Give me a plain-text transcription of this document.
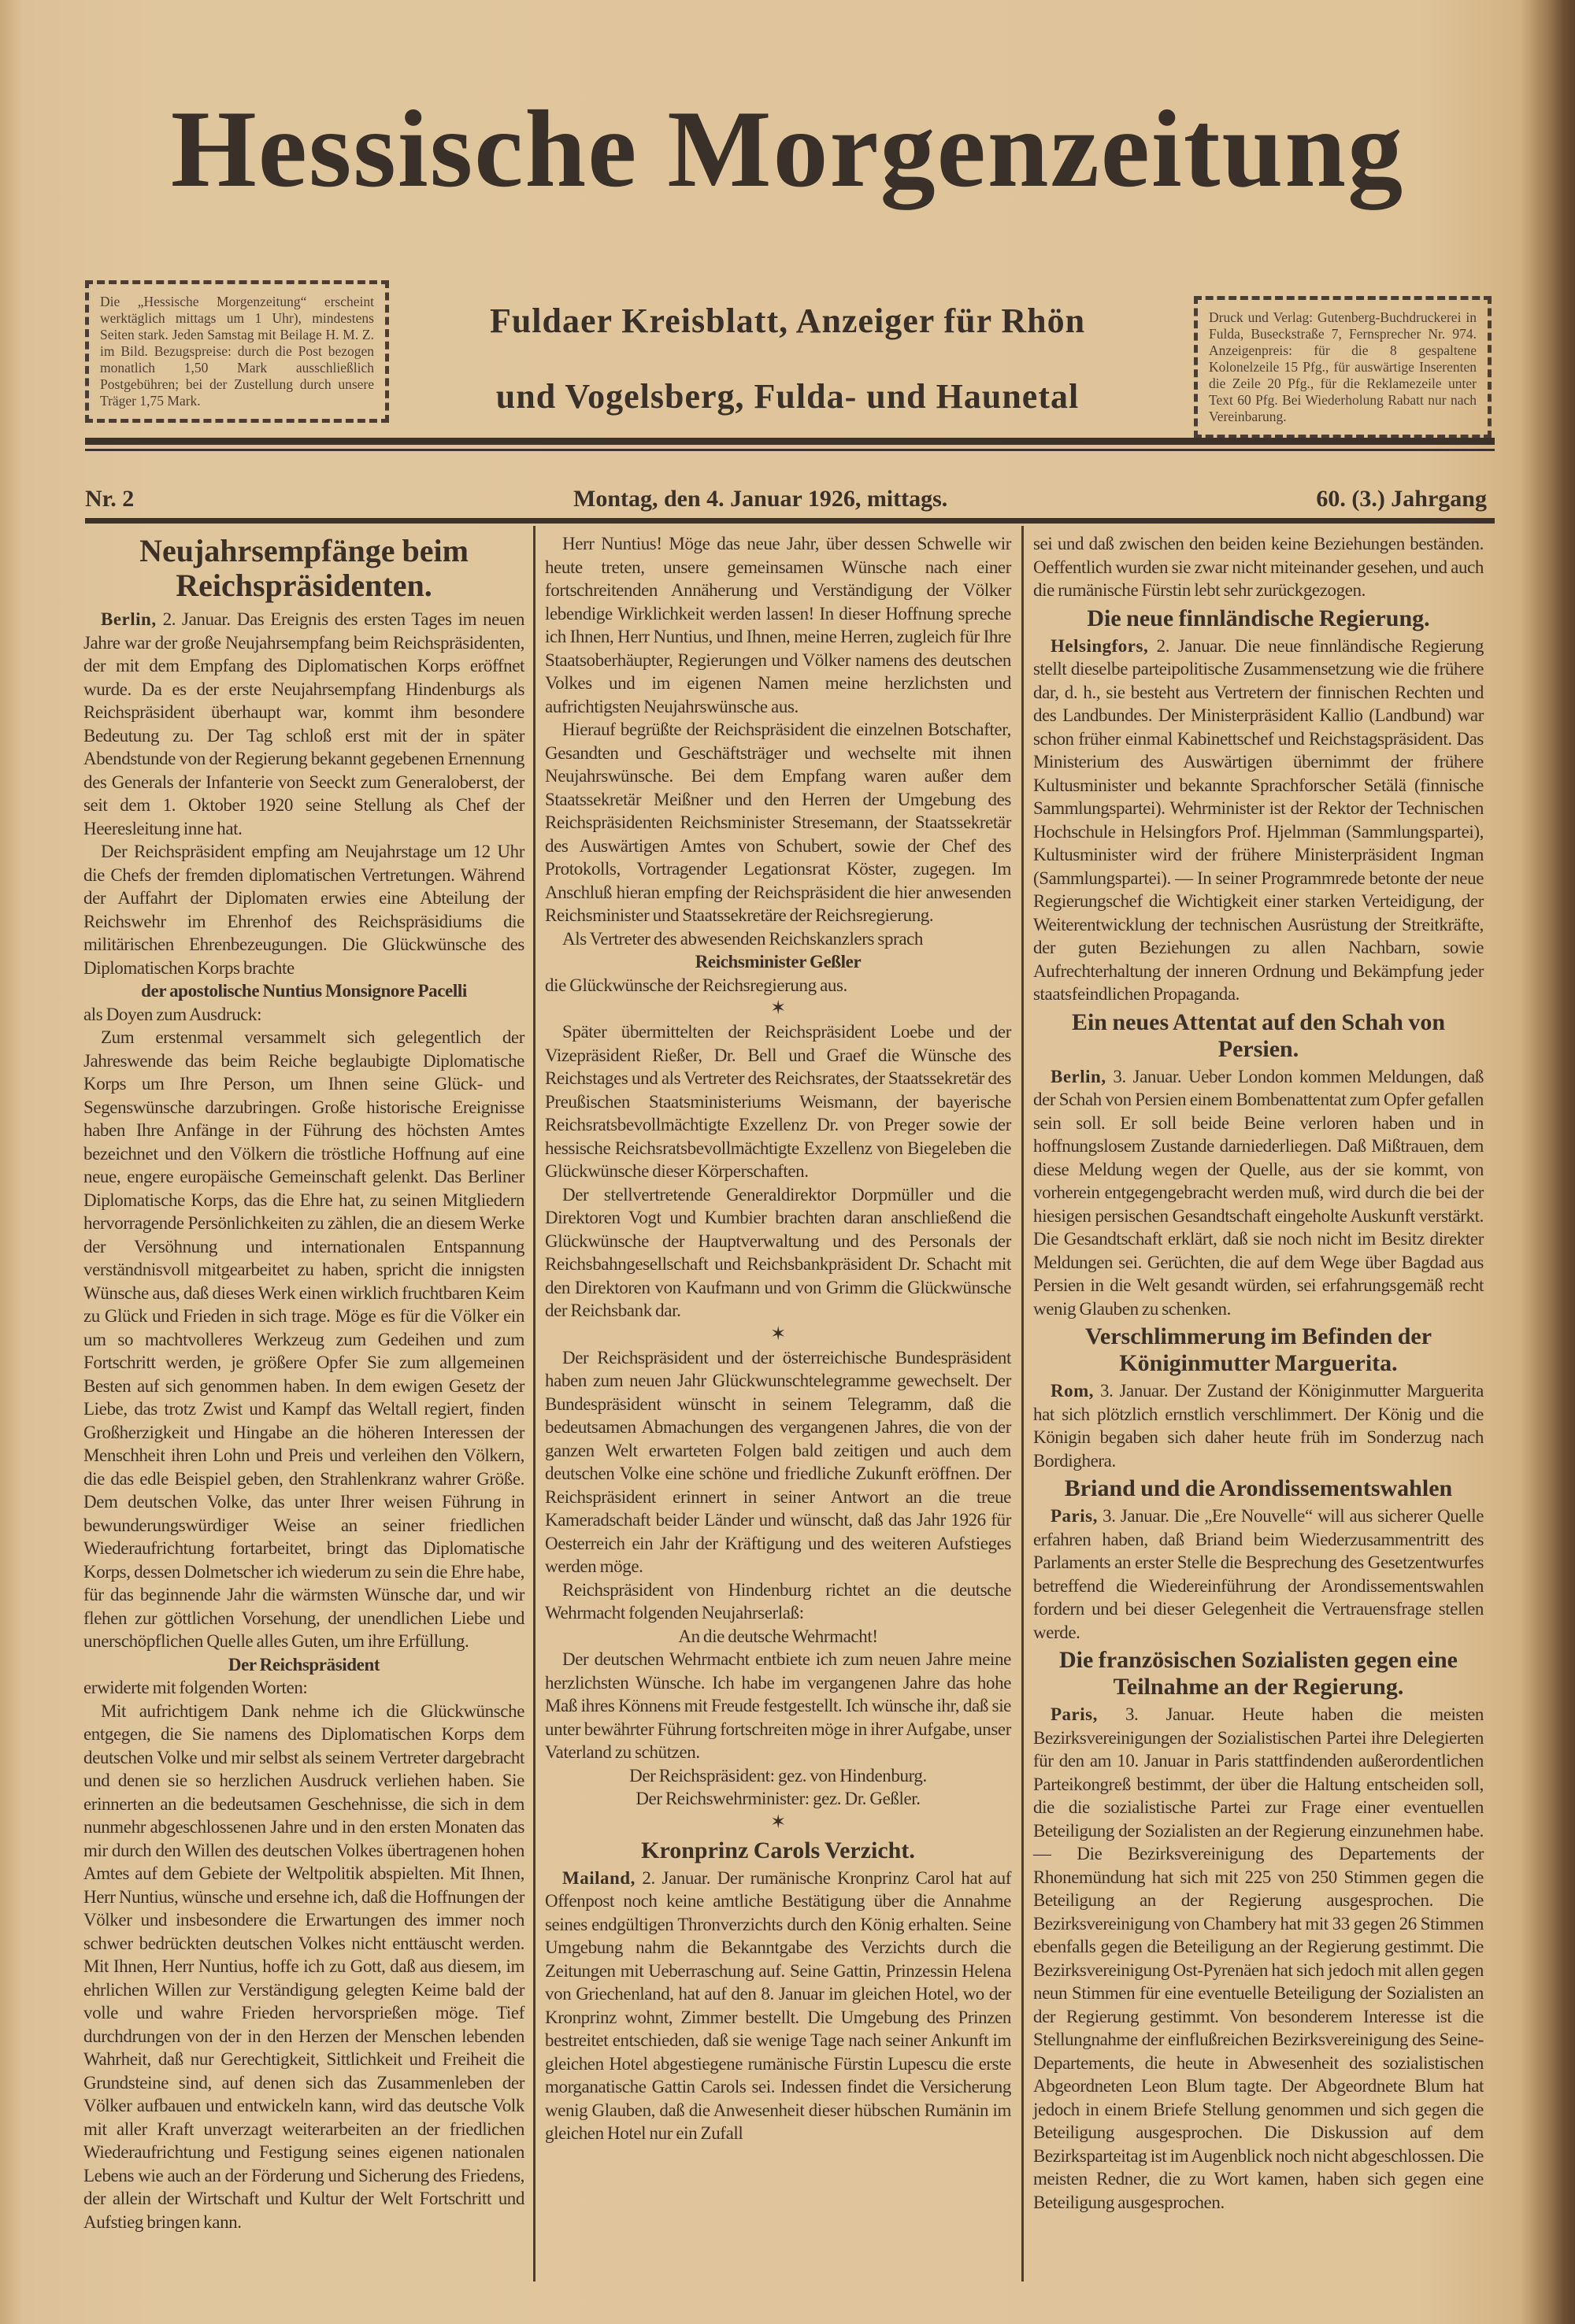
Hessische Morgenzeitung
Die „Hessische Morgenzeitung“ erscheint werktäglich mittags um 1 Uhr), mindestens Seiten stark. Jeden Samstag mit Beilage H. M. Z. im Bild. Bezugspreise: durch die Post bezogen monatlich 1,50 Mark ausschließlich Postgebühren; bei der Zustellung durch unsere Träger 1,75 Mark.
Druck und Verlag: Gutenberg-Buchdruckerei in Fulda, Buseckstraße 7, Fernsprecher Nr. 974. Anzeigenpreis: für die 8 gespaltene Kolonelzeile 15 Pfg., für auswärtige Inserenten die Zeile 20 Pfg., für die Reklamezeile unter Text 60 Pfg. Bei Wiederholung Rabatt nur nach Vereinbarung.
Fuldaer Kreisblatt, Anzeiger für Rhön
und Vogelsberg, Fulda- und Haunetal
Nr. 2	Montag, den 4. Januar 1926, mittags.	60. (3.) Jahrgang
Neujahrsempfänge beim Reichspräsidenten.

Berlin, 2. Januar. Das Ereignis des ersten Tages im neuen Jahre war der große Neujahrsempfang beim Reichspräsidenten, der mit dem Empfang des Diplomatischen Korps eröffnet wurde. Da es der erste Neujahrsempfang Hindenburgs als Reichspräsident überhaupt war, kommt ihm besondere Bedeutung zu. Der Tag schloß erst mit der in später Abendstunde von der Regierung bekannt gegebenen Ernennung des Generals der Infanterie von Seeckt zum Generaloberst, der seit dem 1. Oktober 1920 seine Stellung als Chef der Heeresleitung inne hat.

Der Reichspräsident empfing am Neujahrstage um 12 Uhr die Chefs der fremden diplomatischen Vertretungen. Während der Auffahrt der Diplomaten erwies eine Abteilung der Reichswehr im Ehrenhof des Reichspräsidiums die militärischen Ehrenbezeugungen. Die Glückwünsche des Diplomatischen Korps brachte

der apostolische Nuntius Monsignore Pacelli

als Doyen zum Ausdruck:

Zum erstenmal versammelt sich gelegentlich der Jahreswende das beim Reiche beglaubigte Diplomatische Korps um Ihre Person, um Ihnen seine Glück- und Segenswünsche darzubringen. Große historische Ereignisse haben Ihre Anfänge in der Führung des höchsten Amtes bezeichnet und den Völkern die tröstliche Hoffnung auf eine neue, engere europäische Gemeinschaft gelenkt. Das Berliner Diplomatische Korps, das die Ehre hat, zu seinen Mitgliedern hervorragende Persönlichkeiten zu zählen, die an diesem Werke der Versöhnung und internationalen Entspannung verständnisvoll mitgearbeitet zu haben, spricht die innigsten Wünsche aus, daß dieses Werk einen wirklich fruchtbaren Keim zu Glück und Frieden in sich trage. Möge es für die Völker ein um so machtvolleres Werkzeug zum Gedeihen und zum Fortschritt werden, je größere Opfer Sie zum allgemeinen Besten auf sich genommen haben. In dem ewigen Gesetz der Liebe, das trotz Zwist und Kampf das Weltall regiert, finden Großherzigkeit und Hingabe an die höheren Interessen der Menschheit ihren Lohn und Preis und verleihen den Völkern, die das edle Beispiel geben, den Strahlenkranz wahrer Größe. Dem deutschen Volke, das unter Ihrer weisen Führung in bewunderungswürdiger Weise an seiner friedlichen Wiederaufrichtung fortarbeitet, bringt das Diplomatische Korps, dessen Dolmetscher ich wiederum zu sein die Ehre habe, für das beginnende Jahr die wärmsten Wünsche dar, und wir flehen zur göttlichen Vorsehung, der unendlichen Liebe und unerschöpflichen Quelle alles Guten, um ihre Erfüllung.

Der Reichspräsident

erwiderte mit folgenden Worten:

Mit aufrichtigem Dank nehme ich die Glückwünsche entgegen, die Sie namens des Diplomatischen Korps dem deutschen Volke und mir selbst als seinem Vertreter dargebracht und denen sie so herzlichen Ausdruck verliehen haben. Sie erinnerten an die bedeutsamen Geschehnisse, die sich in dem nunmehr abgeschlossenen Jahre und in den ersten Monaten das mir durch den Willen des deutschen Volkes übertragenen hohen Amtes auf dem Gebiete der Weltpolitik abspielten. Mit Ihnen, Herr Nuntius, wünsche und ersehne ich, daß die Hoffnungen der Völker und insbesondere die Erwartungen des immer noch schwer bedrückten deutschen Volkes nicht enttäuscht werden. Mit Ihnen, Herr Nuntius, hoffe ich zu Gott, daß aus diesem, im ehrlichen Willen zur Verständigung gelegten Keime bald der volle und wahre Frieden hervorsprießen möge. Tief durchdrungen von der in den Herzen der Menschen lebenden Wahrheit, daß nur Gerechtigkeit, Sittlichkeit und Freiheit die Grundsteine sind, auf denen sich das Zusammenleben der Völker aufbauen und entwickeln kann, wird das deutsche Volk mit aller Kraft unverzagt weiterarbeiten an der friedlichen Wiederaufrichtung und Festigung seines eigenen nationalen Lebens wie auch an der Förderung und Sicherung des Friedens, der allein der Wirtschaft und Kultur der Welt Fortschritt und Aufstieg bringen kann.

Herr Nuntius! Möge das neue Jahr, über dessen Schwelle wir heute treten, unsere gemeinsamen Wünsche nach einer fortschreitenden Annäherung und Verständigung der Völker lebendige Wirklichkeit werden lassen! In dieser Hoffnung spreche ich Ihnen, Herr Nuntius, und Ihnen, meine Herren, zugleich für Ihre Staatsoberhäupter, Regierungen und Völker namens des deutschen Volkes und im eigenen Namen meine herzlichsten und aufrichtigsten Neujahrswünsche aus.

Hierauf begrüßte der Reichspräsident die einzelnen Botschafter, Gesandten und Geschäftsträger und wechselte mit ihnen Neujahrswünsche. Bei dem Empfang waren außer dem Staatssekretär Meißner und den Herren der Umgebung des Reichspräsidenten Reichsminister Stresemann, der Staatssekretär des Auswärtigen Amtes von Schubert, sowie der Chef des Protokolls, Vortragender Legationsrat Köster, zugegen. Im Anschluß hieran empfing der Reichspräsident die hier anwesenden Reichsminister und Staatssekretäre der Reichsregierung.

Als Vertreter des abwesenden Reichskanzlers sprach

Reichsminister Geßler

die Glückwünsche der Reichsregierung aus.

✶

Später übermittelten der Reichspräsident Loebe und der Vizepräsident Rießer, Dr. Bell und Graef die Wünsche des Reichstages und als Vertreter des Reichsrates, der Staatssekretär des Preußischen Staatsministeriums Weismann, der bayerische Reichsratsbevollmächtigte Exzellenz Dr. von Preger sowie der hessische Reichsratsbevollmächtigte Exzellenz von Biegeleben die Glückwünsche dieser Körperschaften.

Der stellvertretende Generaldirektor Dorpmüller und die Direktoren Vogt und Kumbier brachten daran anschließend die Glückwünsche der Hauptverwaltung und des Personals der Reichsbahngesellschaft und Reichsbankpräsident Dr. Schacht mit den Direktoren von Kaufmann und von Grimm die Glückwünsche der Reichsbank dar.

✶

Der Reichspräsident und der österreichische Bundespräsident haben zum neuen Jahr Glückwunschtelegramme gewechselt. Der Bundespräsident wünscht in seinem Telegramm, daß die bedeutsamen Abmachungen des vergangenen Jahres, die von der ganzen Welt erwarteten Folgen bald zeitigen und auch dem deutschen Volke eine schöne und friedliche Zukunft eröffnen. Der Reichspräsident erinnert in seiner Antwort an die treue Kameradschaft beider Länder und wünscht, daß das Jahr 1926 für Oesterreich ein Jahr der Kräftigung und des weiteren Aufstieges werden möge.

Reichspräsident von Hindenburg richtet an die deutsche Wehrmacht folgenden Neujahrserlaß:

An die deutsche Wehrmacht!

Der deutschen Wehrmacht entbiete ich zum neuen Jahre meine herzlichsten Wünsche. Ich habe im vergangenen Jahre das hohe Maß ihres Könnens mit Freude festgestellt. Ich wünsche ihr, daß sie unter bewährter Führung fortschreiten möge in ihrer Aufgabe, unser Vaterland zu schützen.

Der Reichspräsident: gez. von Hindenburg.

Der Reichswehrminister: gez. Dr. Geßler.

✶

Kronprinz Carols Verzicht.

Mailand, 2. Januar. Der rumänische Kronprinz Carol hat auf Offenpost noch keine amtliche Bestätigung über die Annahme seines endgültigen Thronverzichts durch den König erhalten. Seine Umgebung nahm die Bekanntgabe des Verzichts durch die Zeitungen mit Ueberraschung auf. Seine Gattin, Prinzessin Helena von Griechenland, hat auf den 8. Januar im gleichen Hotel, wo der Kronprinz wohnt, Zimmer bestellt. Die Umgebung des Prinzen bestreitet entschieden, daß sie wenige Tage nach seiner Ankunft im gleichen Hotel abgestiegene rumänische Fürstin Lupescu die erste morganatische Gattin Carols sei. Indessen findet die Versicherung wenig Glauben, daß die Anwesenheit dieser hübschen Rumänin im gleichen Hotel nur ein Zufall

sei und daß zwischen den beiden keine Beziehungen beständen. Oeffentlich wurden sie zwar nicht miteinander gesehen, und auch die rumänische Fürstin lebt sehr zurückgezogen.

Die neue finnländische Regierung.

Helsingfors, 2. Januar. Die neue finnländische Regierung stellt dieselbe parteipolitische Zusammensetzung wie die frühere dar, d. h., sie besteht aus Vertretern der finnischen Rechten und des Landbundes. Der Ministerpräsident Kallio (Landbund) war schon früher einmal Kabinettschef und Reichstagspräsident. Das Ministerium des Auswärtigen übernimmt der frühere Kultusminister und bekannte Sprachforscher Setälä (finnische Sammlungspartei). Wehrminister ist der Rektor der Technischen Hochschule in Helsingfors Prof. Hjelmman (Sammlungspartei), Kultusminister wird der frühere Ministerpräsident Ingman (Sammlungspartei). — In seiner Programmrede betonte der neue Regierungschef die Wichtigkeit einer starken Verteidigung, der Weiterentwicklung der technischen Ausrüstung der Streitkräfte, der guten Beziehungen zu allen Nachbarn, sowie Aufrechterhaltung der inneren Ordnung und Bekämpfung jeder staatsfeindlichen Propaganda.

Ein neues Attentat auf den Schah von Persien.

Berlin, 3. Januar. Ueber London kommen Meldungen, daß der Schah von Persien einem Bombenattentat zum Opfer gefallen sein soll. Er soll beide Beine verloren haben und in hoffnungslosem Zustande darniederliegen. Daß Mißtrauen, dem diese Meldung wegen der Quelle, aus der sie kommt, von vorherein entgegengebracht werden muß, wird durch die bei der hiesigen persischen Gesandtschaft eingeholte Auskunft verstärkt. Die Gesandtschaft erklärt, daß sie noch nicht im Besitz direkter Meldungen sei. Gerüchten, die auf dem Wege über Bagdad aus Persien in die Welt gesandt würden, sei erfahrungsgemäß recht wenig Glauben zu schenken.

Verschlimmerung im Befinden der Königinmutter Marguerita.

Rom, 3. Januar. Der Zustand der Königinmutter Marguerita hat sich plötzlich ernstlich verschlimmert. Der König und die Königin begaben sich daher heute früh im Sonderzug nach Bordighera.

Briand und die Arondissementswahlen

Paris, 3. Januar. Die „Ere Nouvelle“ will aus sicherer Quelle erfahren haben, daß Briand beim Wiederzusammentritt des Parlaments an erster Stelle die Besprechung des Gesetzentwurfes betreffend die Wiedereinführung der Arondissementswahlen fordern und bei dieser Gelegenheit die Vertrauensfrage stellen werde.

Die französischen Sozialisten gegen eine Teilnahme an der Regierung.

Paris, 3. Januar. Heute haben die meisten Bezirksvereinigungen der Sozialistischen Partei ihre Delegierten für den am 10. Januar in Paris stattfindenden außerordentlichen Parteikongreß bestimmt, der über die Haltung entscheiden soll, die die sozialistische Partei zur Frage einer eventuellen Beteiligung der Sozialisten an der Regierung einzunehmen habe. — Die Bezirksvereinigung des Departements der Rhonemündung hat sich mit 225 von 250 Stimmen gegen die Beteiligung an der Regierung ausgesprochen. Die Bezirksvereinigung von Chambery hat mit 33 gegen 26 Stimmen ebenfalls gegen die Beteiligung an der Regierung gestimmt. Die Bezirksvereinigung Ost-Pyrenäen hat sich jedoch mit allen gegen neun Stimmen für eine eventuelle Beteiligung der Sozialisten an der Regierung gestimmt. Von besonderem Interesse ist die Stellungnahme der einflußreichen Bezirksvereinigung des Seine-Departements, die heute in Abwesenheit des sozialistischen Abgeordneten Leon Blum tagte. Der Abgeordnete Blum hat jedoch in einem Briefe Stellung genommen und sich gegen die Beteiligung ausgesprochen. Die Diskussion auf dem Bezirksparteitag ist im Augenblick noch nicht abgeschlossen. Die meisten Redner, die zu Wort kamen, haben sich gegen eine Beteiligung ausgesprochen.
